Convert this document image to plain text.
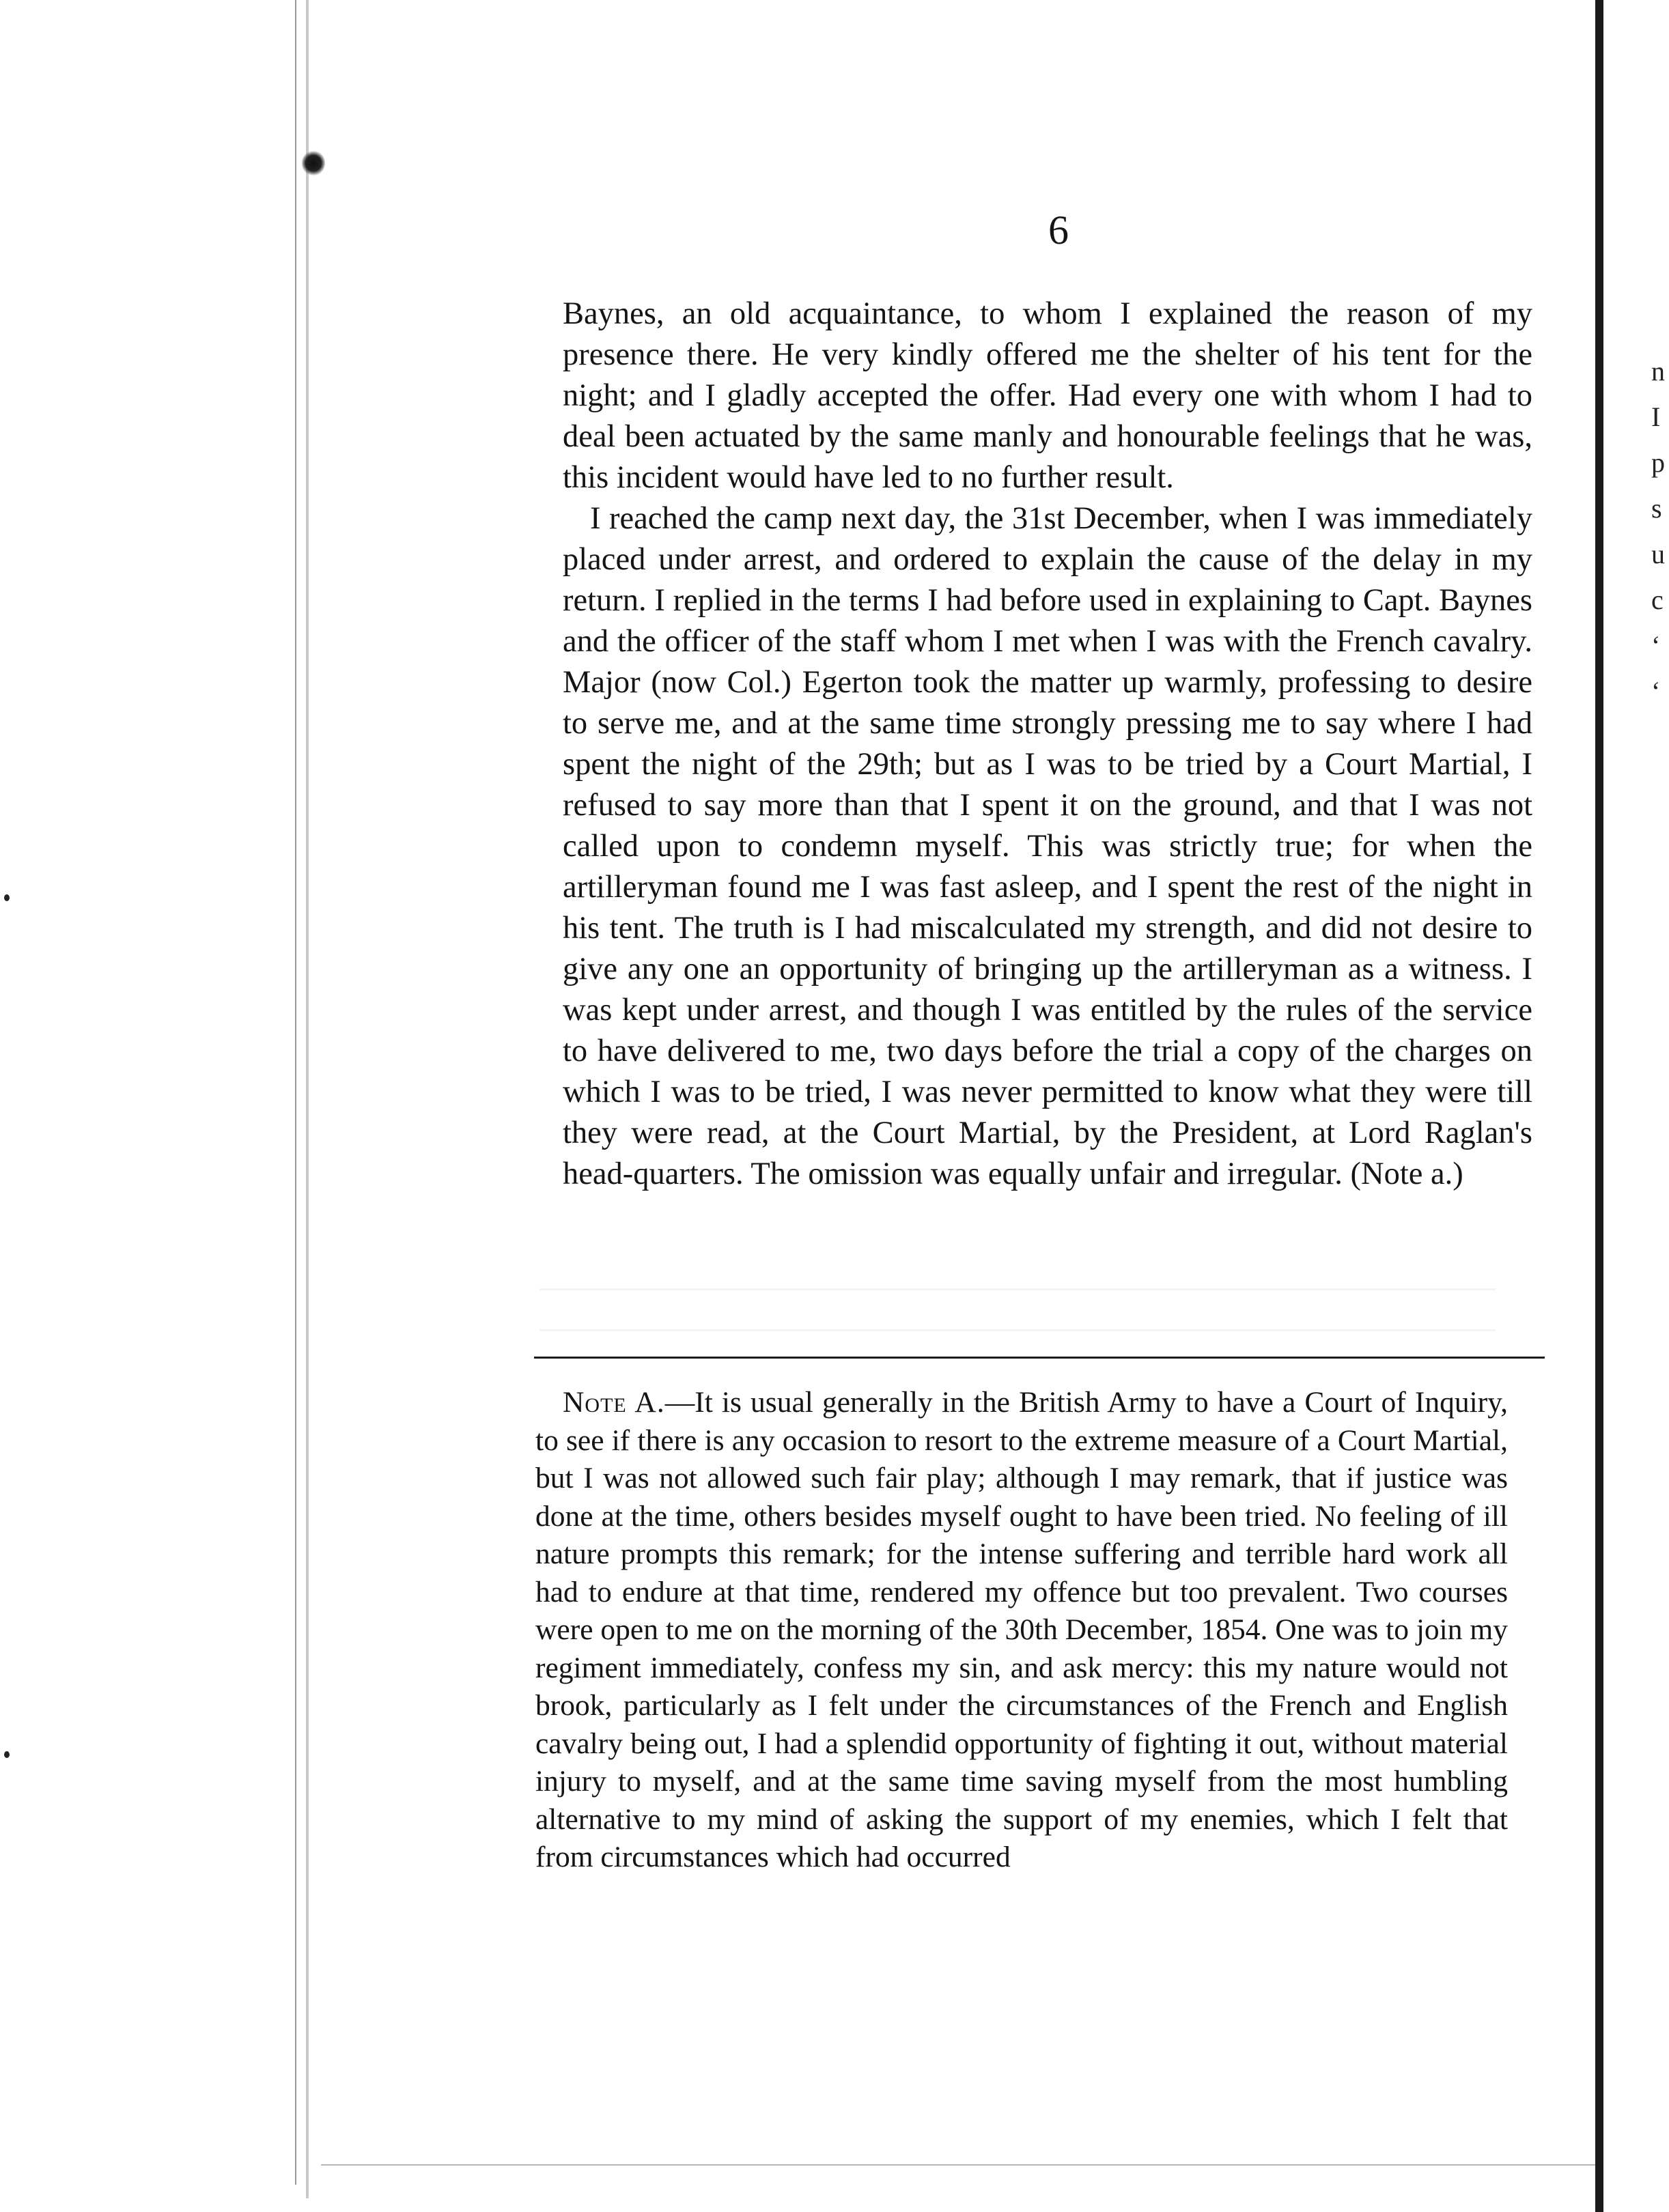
6

Baynes, an old acquaintance, to whom I explained the reason of my presence there. He very kindly offered me the shelter of his tent for the night; and I gladly accepted the offer. Had every one with whom I had to deal been actuated by the same manly and honourable feelings that he was, this incident would have led to no further result.

I reached the camp next day, the 31st December, when I was immediately placed under arrest, and ordered to explain the cause of the delay in my return. I replied in the terms I had before used in explaining to Capt. Baynes and the officer of the staff whom I met when I was with the French cavalry. Major (now Col.) Egerton took the matter up warmly, professing to desire to serve me, and at the same time strongly pressing me to say where I had spent the night of the 29th; but as I was to be tried by a Court Martial, I refused to say more than that I spent it on the ground, and that I was not called upon to condemn myself. This was strictly true; for when the artilleryman found me I was fast asleep, and I spent the rest of the night in his tent. The truth is I had miscalculated my strength, and did not desire to give any one an opportunity of bringing up the artilleryman as a witness. I was kept under arrest, and though I was entitled by the rules of the service to have delivered to me, two days before the trial a copy of the charges on which I was to be tried, I was never permitted to know what they were till they were read, at the Court Martial, by the President, at Lord Raglan's head-quarters. The omission was equally unfair and irregular. (Note a.)

Note A.—It is usual generally in the British Army to have a Court of Inquiry, to see if there is any occasion to resort to the extreme measure of a Court Martial, but I was not allowed such fair play; although I may remark, that if justice was done at the time, others besides myself ought to have been tried. No feeling of ill nature prompts this remark; for the intense suffering and terrible hard work all had to endure at that time, rendered my offence but too prevalent. Two courses were open to me on the morning of the 30th December, 1854. One was to join my regiment immediately, confess my sin, and ask mercy: this my nature would not brook, particularly as I felt under the circumstances of the French and English cavalry being out, I had a splendid opportunity of fighting it out, without material injury to myself, and at the same time saving myself from the most humbling alternative to my mind of asking the support of my enemies, which I felt that from circumstances which had occurred

n
I
p
s
u
c
‘
‘
